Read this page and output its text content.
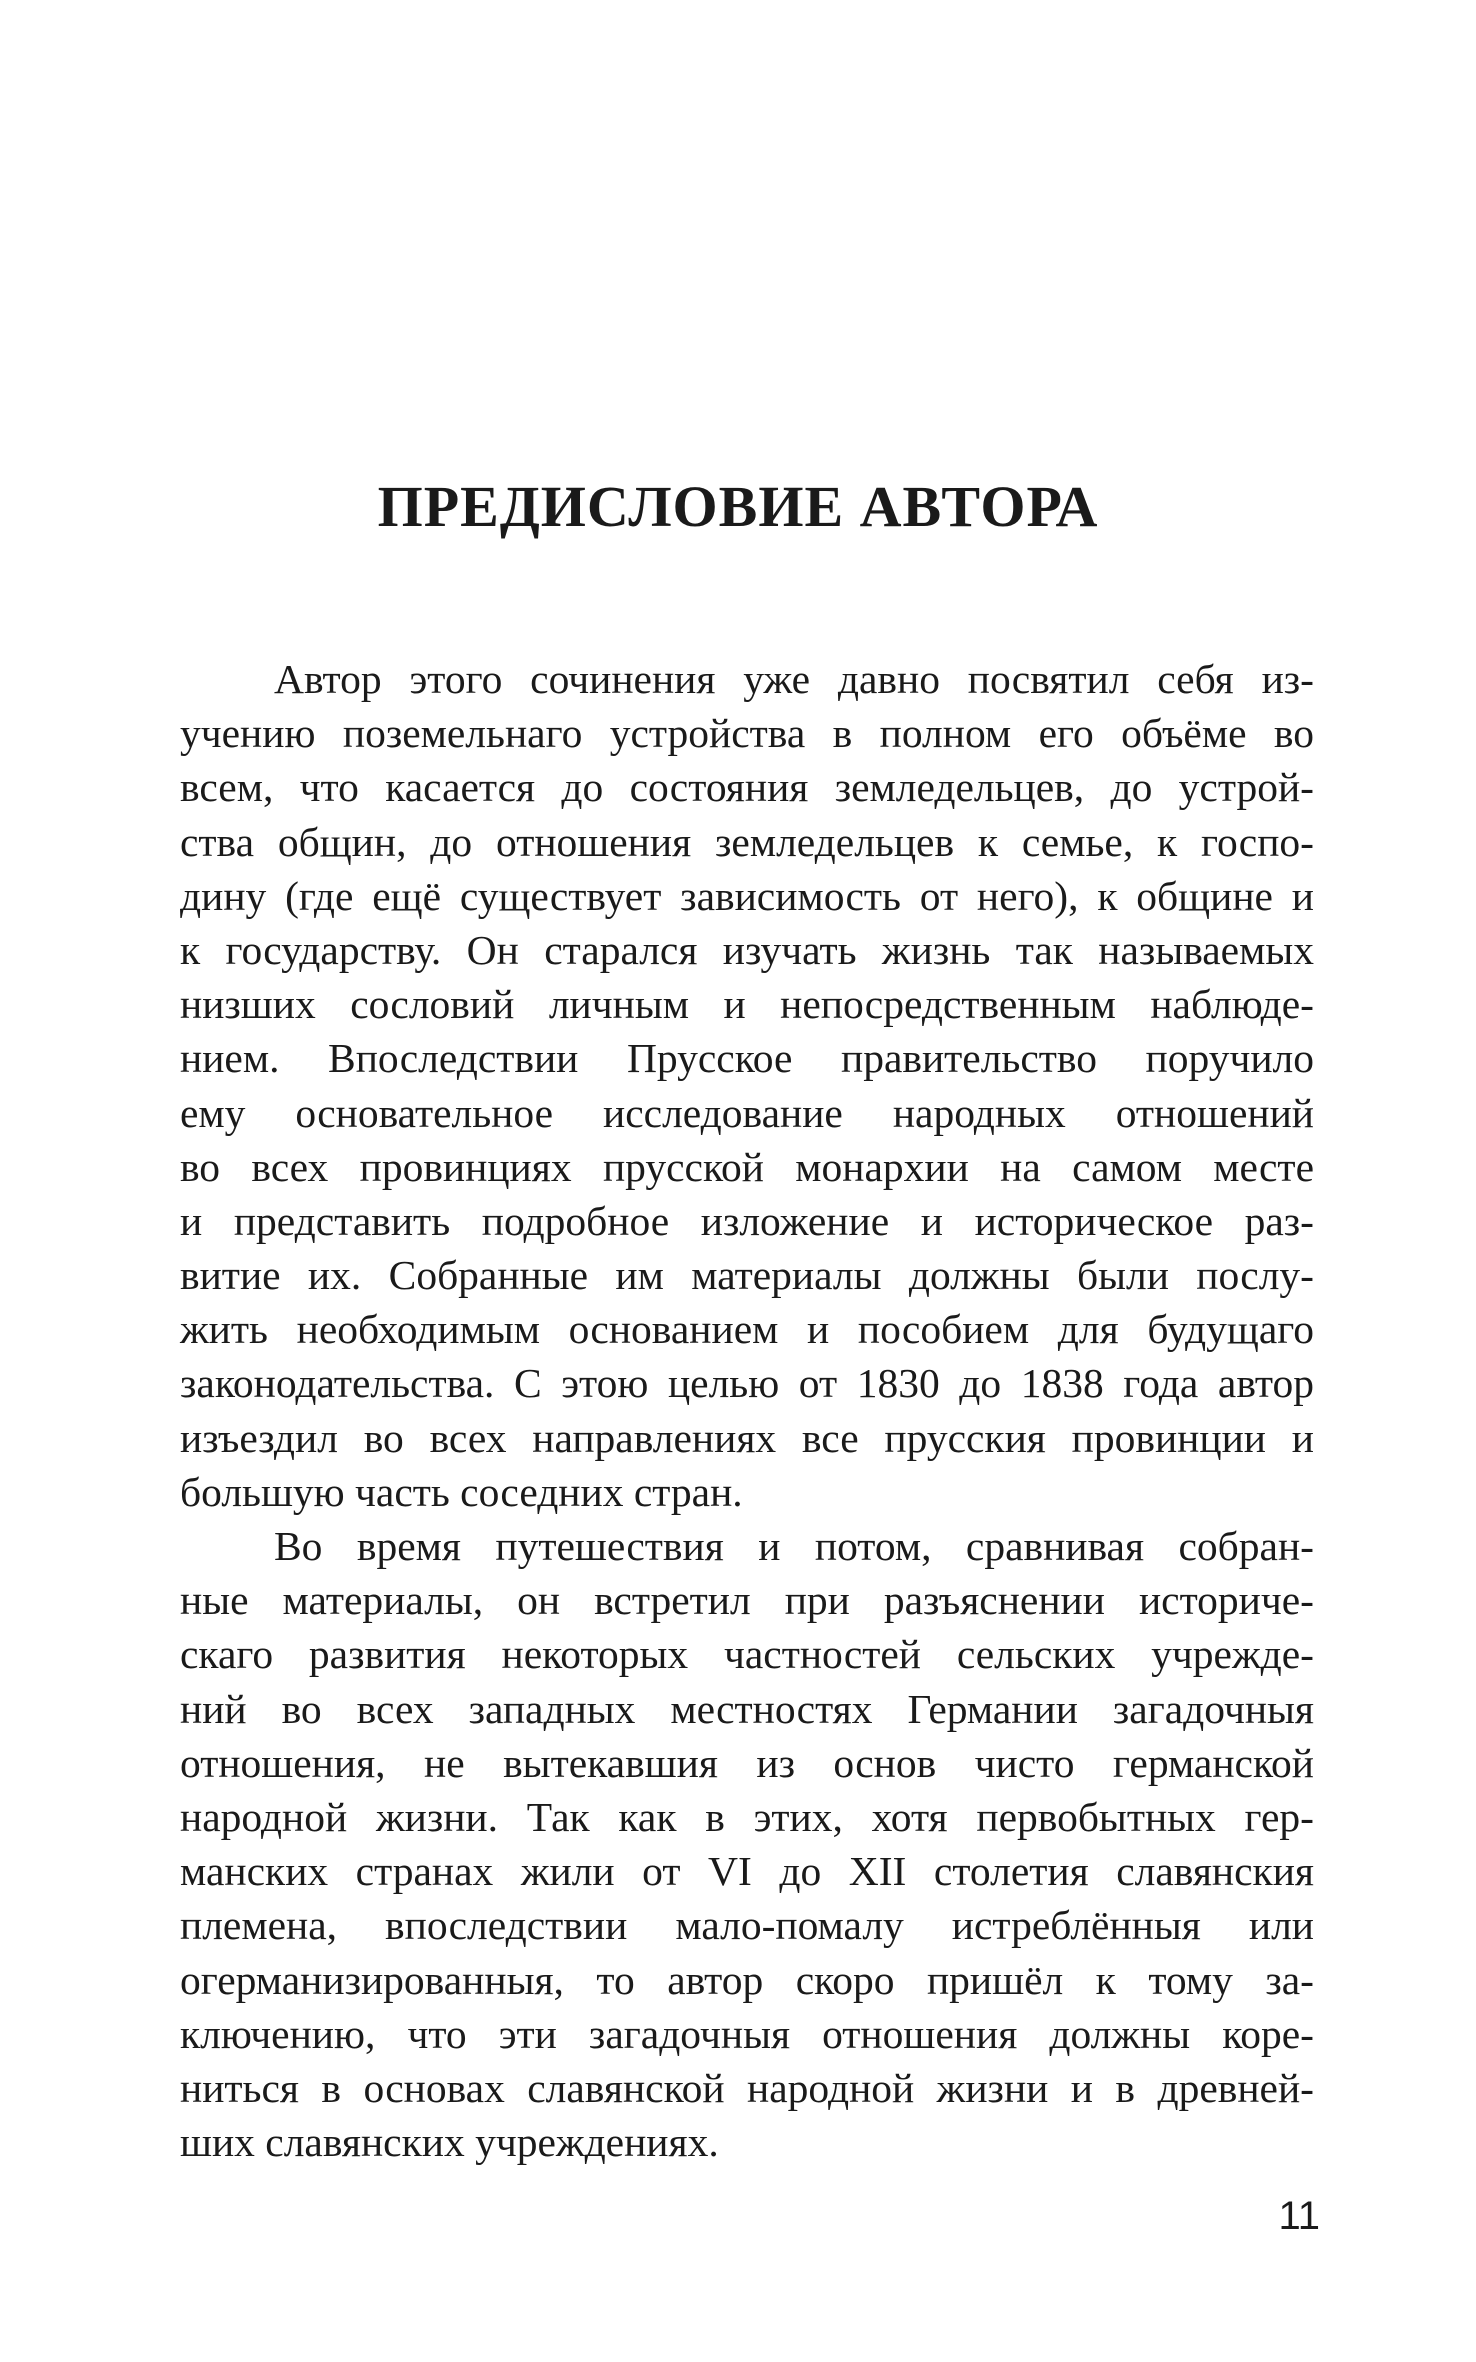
ПРЕДИСЛОВИЕ АВТОРА
Автор этого сочинения уже давно посвятил себя из-
учению поземельнаго устройства в полном его объёме во
всем, что касается до состояния земледельцев, до устрой-
ства общин, до отношения земледельцев к семье, к госпо-
дину (где ещё существует зависимость от него), к общине и
к государству. Он старался изучать жизнь так называемых
низших сословий личным и непосредственным наблюде-
нием. Впоследствии Прусское правительство поручило
ему основательное исследование народных отношений
во всех провинциях прусской монархии на самом месте
и представить подробное изложение и историческое раз-
витие их. Собранные им материалы должны были послу-
жить необходимым основанием и пособием для будущаго
законодательства. С этою целью от 1830 до 1838 года автор
изъездил во всех направлениях все прусския провинции и
большую часть соседних стран.
Во время путешествия и потом, сравнивая собран-
ные материалы, он встретил при разъяснении историче-
скаго развития некоторых частностей сельских учрежде-
ний во всех западных местностях Германии загадочныя
отношения, не вытекавшия из основ чисто германской
народной жизни. Так как в этих, хотя первобытных гер-
манских странах жили от VI до XII столетия славянския
племена, впоследствии мало-помалу истреблённыя или
огерманизированныя, то автор скоро пришёл к тому за-
ключению, что эти загадочныя отношения должны коре-
ниться в основах славянской народной жизни и в древней-
ших славянских учреждениях.
11
